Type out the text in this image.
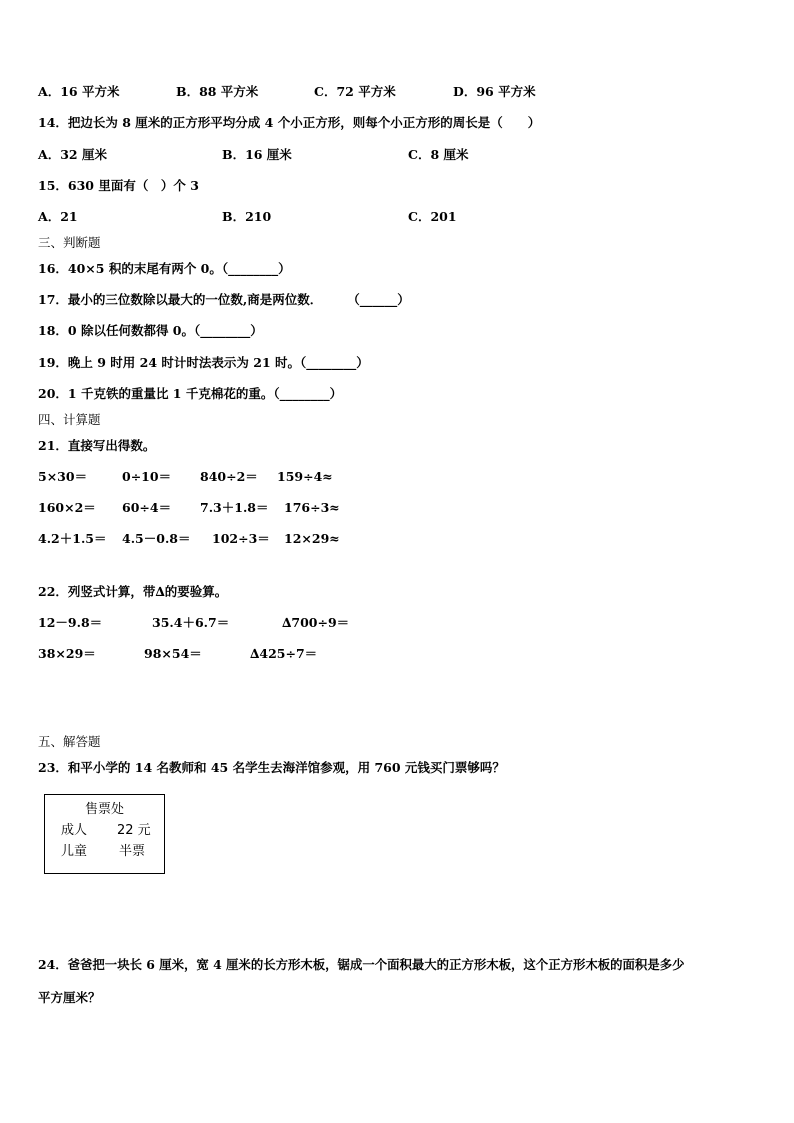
A．16 平方米	B．88 平方米	C．72 平方米	D．96 平方米
14．把边长为 8 厘米的正方形平均分成 4 个小正方形，则每个小正方形的周长是（　　）
A．32 厘米	B．16 厘米	C．8 厘米
15．630 里面有（　）个 3
A．21	B．210	C．201
三、判断题
16．40×5 积的末尾有两个 0。（________）
17．最小的三位数除以最大的一位数,商是两位数．　　　（______）
18．0 除以任何数都得 0。（________）
19．晚上 9 时用 24 时计时法表示为 21 时。（________）
20．1 千克铁的重量比 1 千克棉花的重。（________）
四、计算题
21．直接写出得数。
5×30＝	0÷10＝ 840÷2＝ 159÷4≈
160×2＝ 60÷4＝ 7.3＋1.8＝ 176÷3≈
4.2＋1.5＝ 4.5－0.8＝ 102÷3＝ 12×29≈
22．列竖式计算，带∆的要验算。
12－9.8＝	35.4＋6.7＝	∆700÷9＝
38×29＝	98×54＝	∆425÷7＝
五、解答题
23．和平小学的 14 名教师和 45 名学生去海洋馆参观，用 760 元钱买门票够吗？
售票处
成人 22 元
儿童 半票
24．爸爸把一块长 6 厘米，宽 4 厘米的长方形木板，锯成一个面积最大的正方形木板，这个正方形木板的面积是多少
平方厘米？
